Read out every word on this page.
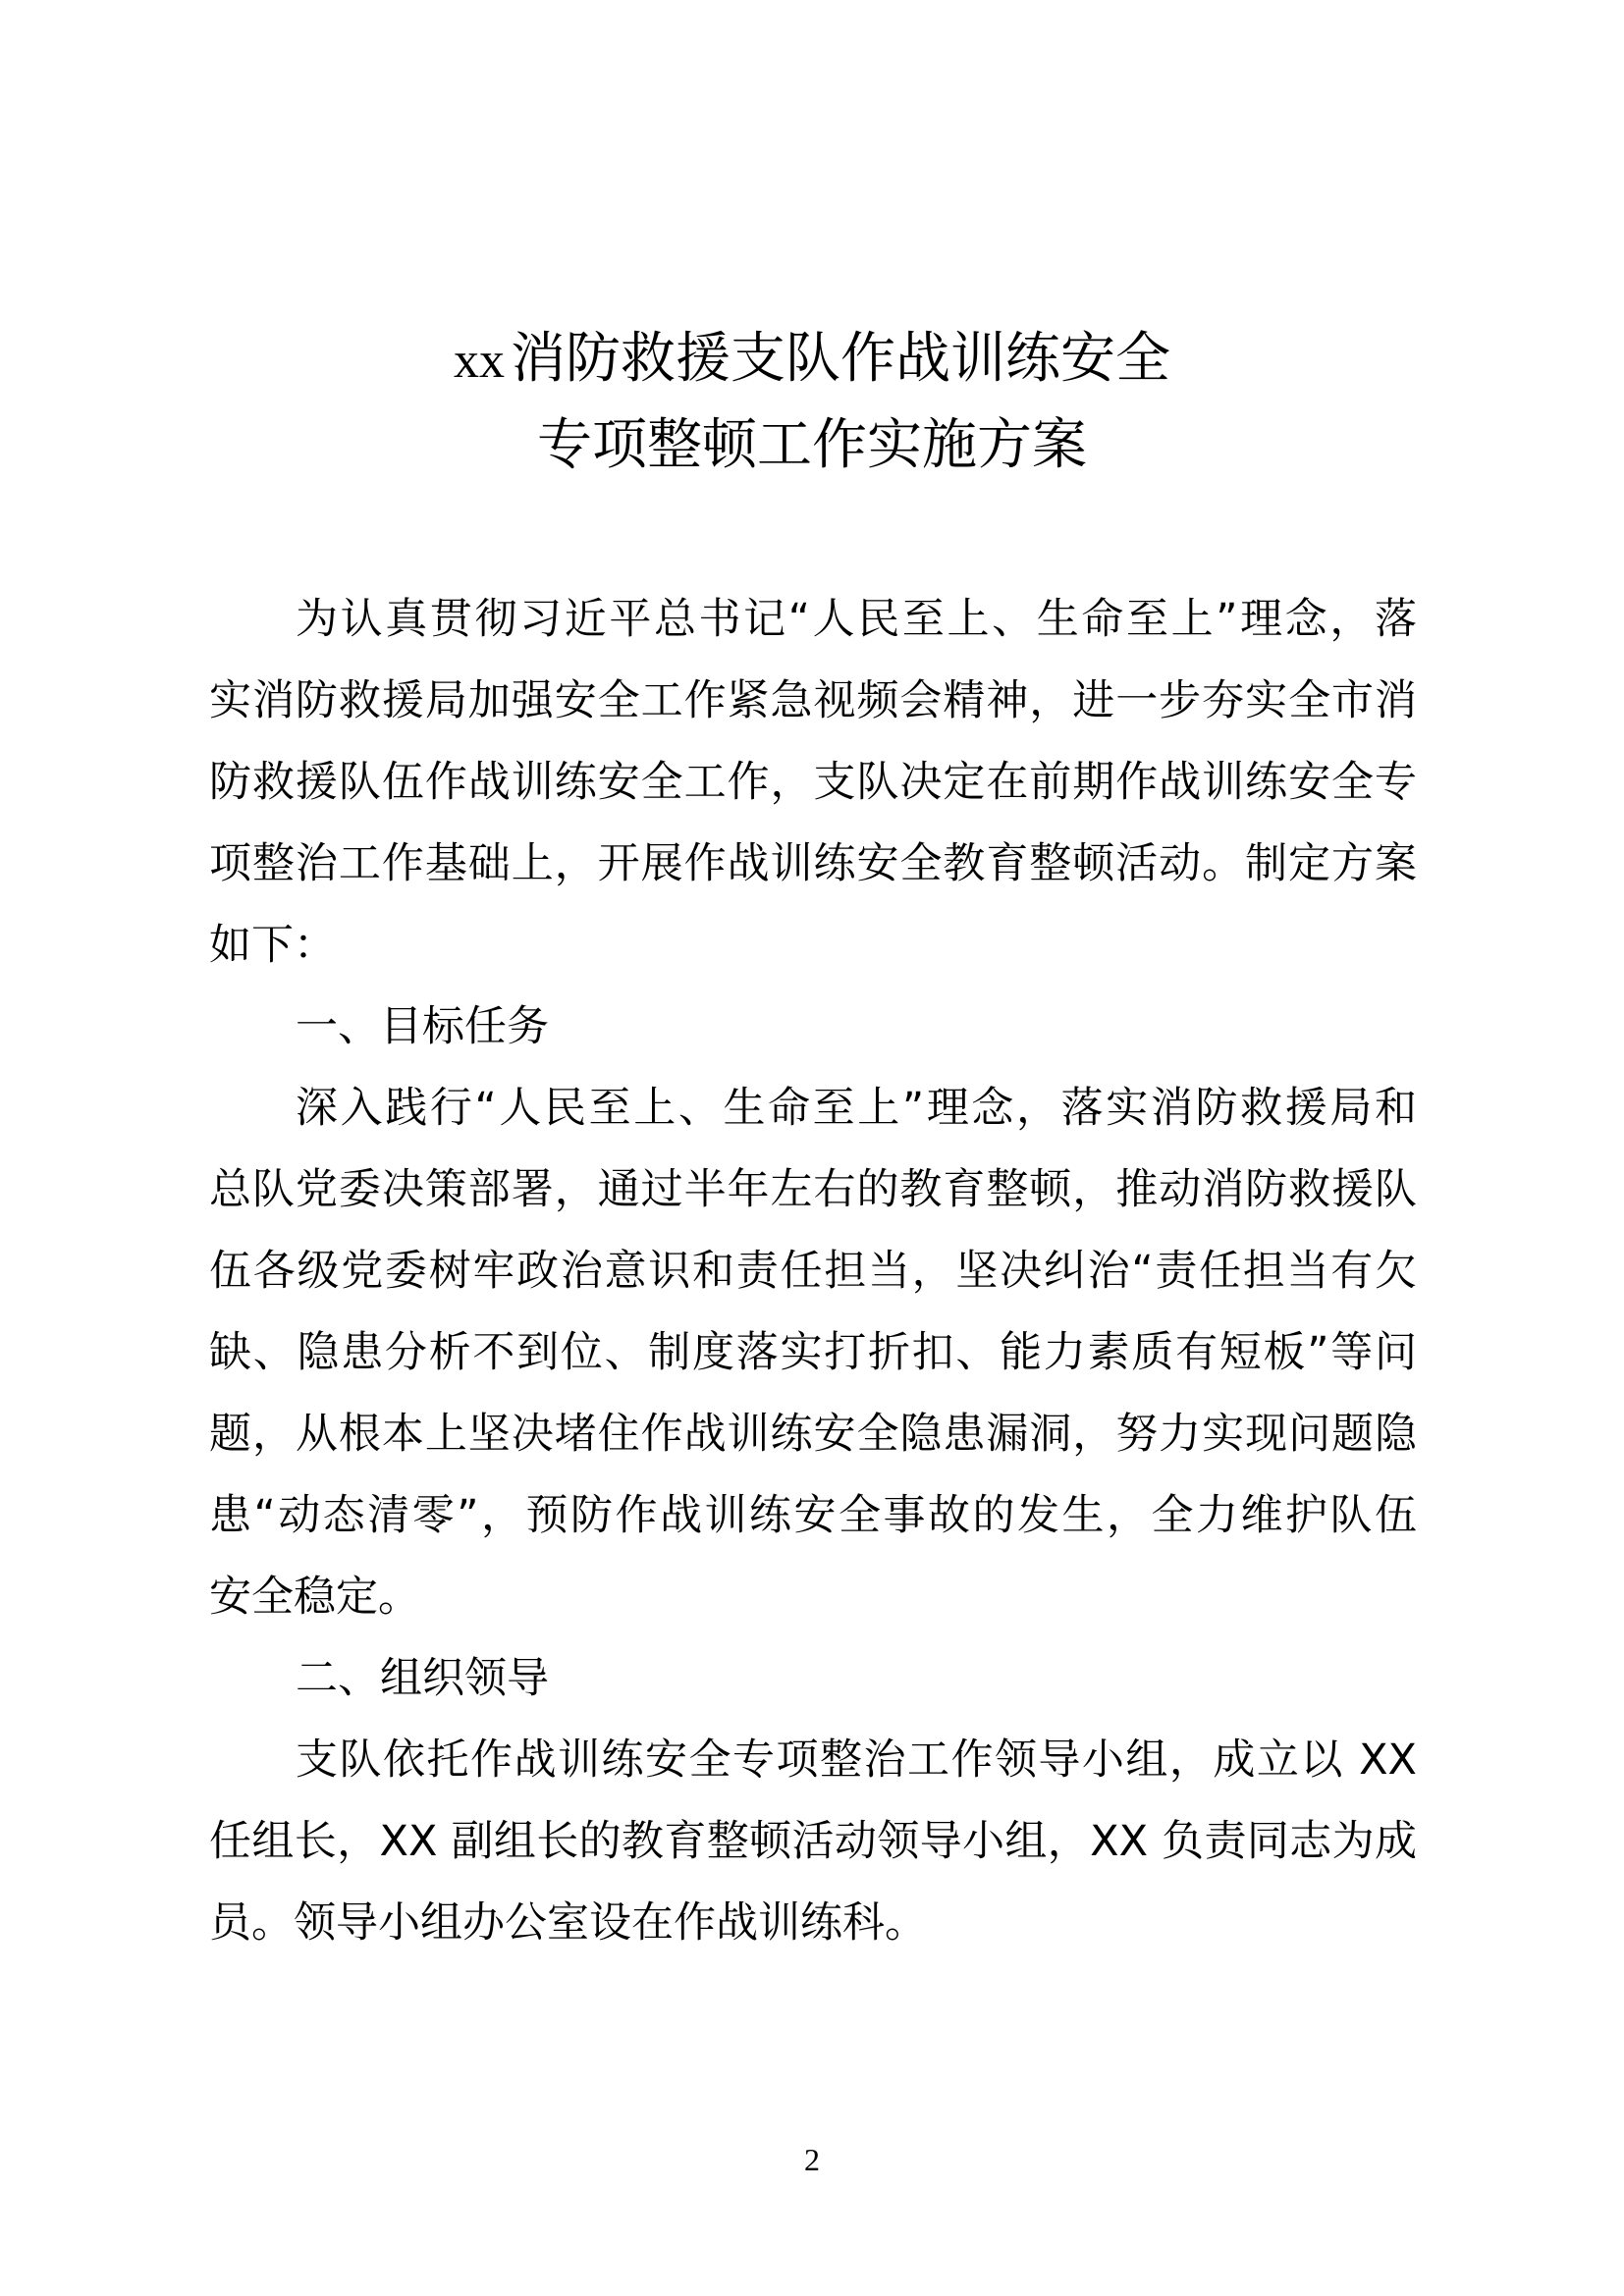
xx 消防救援支队作战训练安全
专项整顿工作实施方案
为认真贯彻习近平总书记“人民至上、生命至上”理念，落
实消防救援局加强安全工作紧急视频会精神，进一步夯实全市消
防救援队伍作战训练安全工作，支队决定在前期作战训练安全专
项整治工作基础上，开展作战训练安全教育整顿活动。制定方案
如下：
一、目标任务
深入践行“人民至上、生命至上”理念，落实消防救援局和
总队党委决策部署，通过半年左右的教育整顿，推动消防救援队
伍各级党委树牢政治意识和责任担当，坚决纠治“责任担当有欠
缺、隐患分析不到位、制度落实打折扣、能力素质有短板”等问
题，从根本上坚决堵住作战训练安全隐患漏洞，努力实现问题隐
患“动态清零”，预防作战训练安全事故的发生，全力维护队伍
安全稳定。
二、组织领导
支队依托作战训练安全专项整治工作领导小组，成立以 XX
任组长，XX 副组长的教育整顿活动领导小组，XX 负责同志为成
员。领导小组办公室设在作战训练科。
2
